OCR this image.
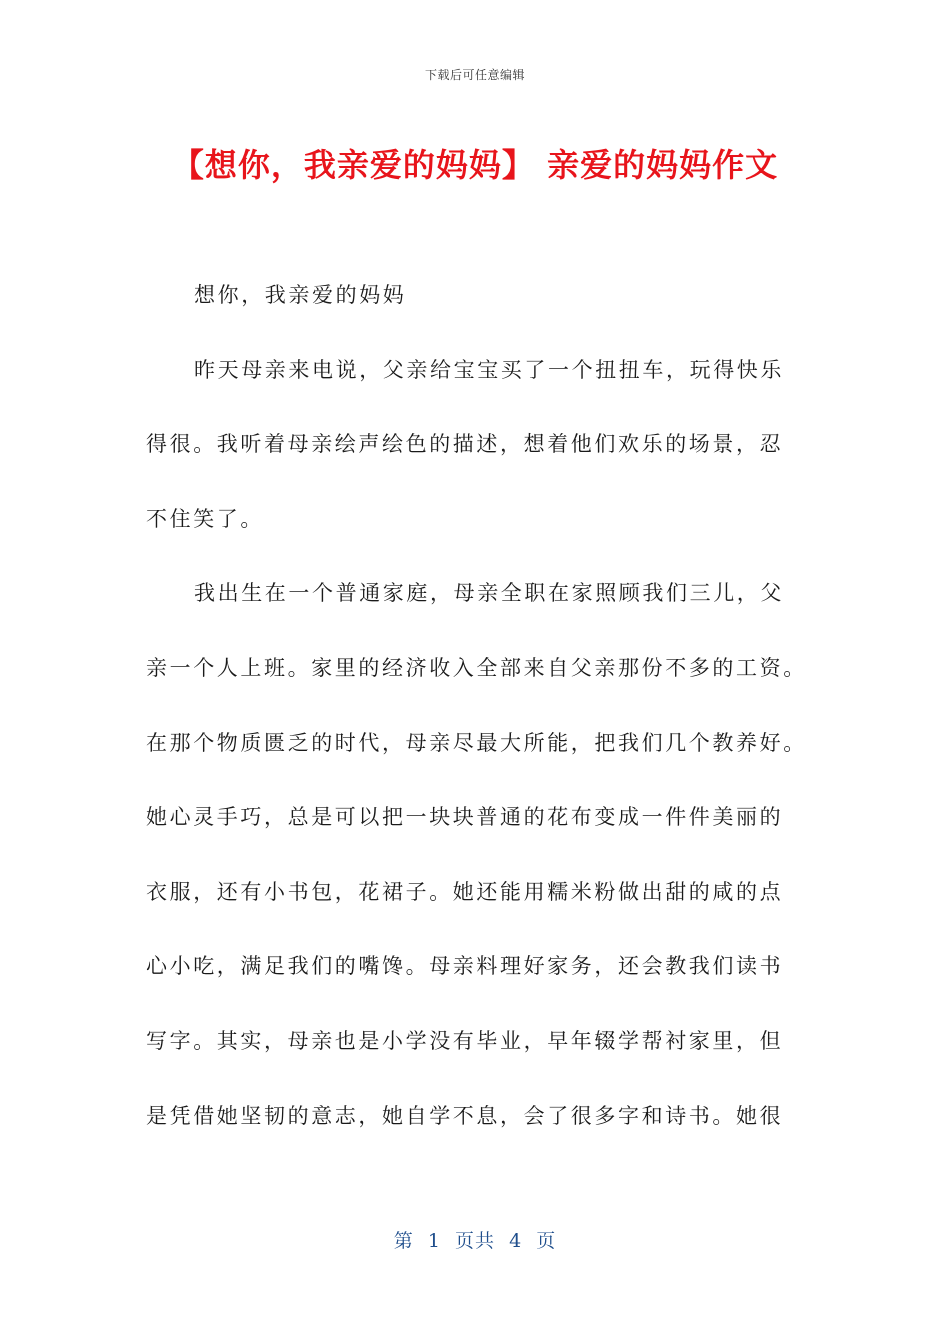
下载后可任意编辑
【想你，我亲爱的妈妈】 亲爱的妈妈作文
想你，我亲爱的妈妈
昨天母亲来电说，父亲给宝宝买了一个扭扭车，玩得快乐
得很。我听着母亲绘声绘色的描述，想着他们欢乐的场景，忍
不住笑了。
我出生在一个普通家庭，母亲全职在家照顾我们三儿，父
亲一个人上班。家里的经济收入全部来自父亲那份不多的工资。
在那个物质匮乏的时代，母亲尽最大所能，把我们几个教养好。
她心灵手巧，总是可以把一块块普通的花布变成一件件美丽的
衣服，还有小书包，花裙子。她还能用糯米粉做出甜的咸的点
心小吃，满足我们的嘴馋。母亲料理好家务，还会教我们读书
写字。其实，母亲也是小学没有毕业，早年辍学帮衬家里，但
是凭借她坚韧的意志，她自学不息，会了很多字和诗书。她很
第  1  页共  4  页
